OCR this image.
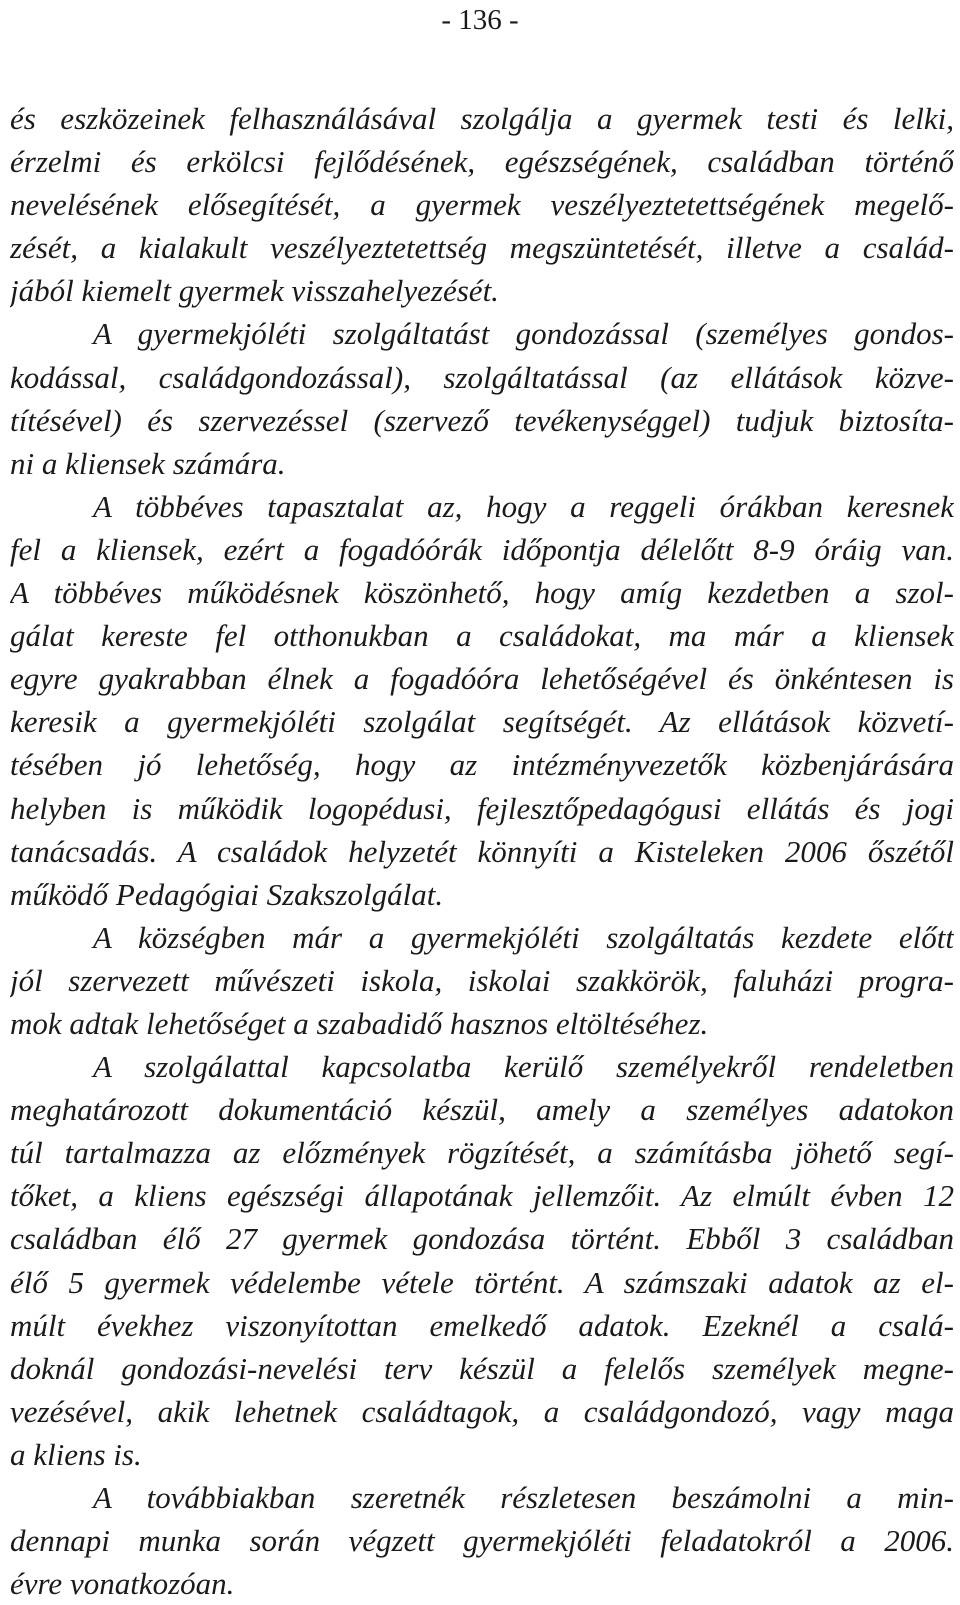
- 136 -
és eszközeinek felhasználásával szolgálja a gyermek testi és lelki,
érzelmi és erkölcsi fejlődésének, egészségének, családban történő
nevelésének elősegítését, a gyermek veszélyeztetettségének megelő-
zését, a kialakult veszélyeztetettség megszüntetését, illetve a család-
jából kiemelt gyermek visszahelyezését.
A gyermekjóléti szolgáltatást gondozással (személyes gondos-
kodással, családgondozással), szolgáltatással (az ellátások közve-
títésével) és szervezéssel (szervező tevékenységgel) tudjuk biztosíta-
ni a kliensek számára.
A többéves tapasztalat az, hogy a reggeli órákban keresnek
fel a kliensek, ezért a fogadóórák időpontja délelőtt 8-9 óráig van.
A többéves működésnek köszönhető, hogy amíg kezdetben a szol-
gálat kereste fel otthonukban a családokat, ma már a kliensek
egyre gyakrabban élnek a fogadóóra lehetőségével és önkéntesen is
keresik a gyermekjóléti szolgálat segítségét. Az ellátások közvetí-
tésében jó lehetőség, hogy az intézményvezetők közbenjárására
helyben is működik logopédusi, fejlesztőpedagógusi ellátás és jogi
tanácsadás. A családok helyzetét könnyíti a Kisteleken 2006 őszétől
működő Pedagógiai Szakszolgálat.
A községben már a gyermekjóléti szolgáltatás kezdete előtt
jól szervezett művészeti iskola, iskolai szakkörök, faluházi progra-
mok adtak lehetőséget a szabadidő hasznos eltöltéséhez.
A szolgálattal kapcsolatba kerülő személyekről rendeletben
meghatározott dokumentáció készül, amely a személyes adatokon
túl tartalmazza az előzmények rögzítését, a számításba jöhető segí-
tőket, a kliens egészségi állapotának jellemzőit. Az elmúlt évben 12
családban élő 27 gyermek gondozása történt. Ebből 3 családban
élő 5 gyermek védelembe vétele történt. A számszaki adatok az el-
múlt évekhez viszonyítottan emelkedő adatok. Ezeknél a csalá-
doknál gondozási-nevelési terv készül a felelős személyek megne-
vezésével, akik lehetnek családtagok, a családgondozó, vagy maga
a kliens is.
A továbbiakban szeretnék részletesen beszámolni a min-
dennapi munka során végzett gyermekjóléti feladatokról a 2006.
évre vonatkozóan.
